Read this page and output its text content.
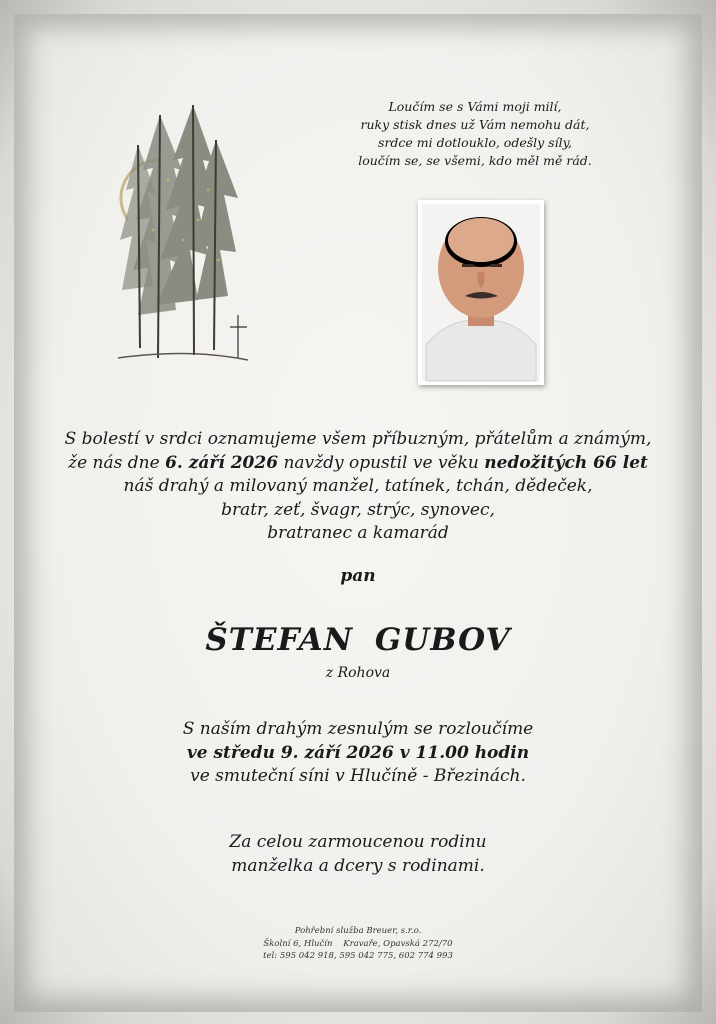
Loučím se s Vámi moji milí,
ruky stisk dnes už Vám nemohu dát,
srdce mi dotlouklo, odešly síly,
loučím se, se všemi, kdo měl mě rád.
S bolestí v srdci oznamujeme všem příbuzným, přátelům a známým,
že nás dne 6. září 2026 navždy opustil ve věku nedožitých 66 let
náš drahý a milovaný manžel, tatínek, tchán, dědeček,
bratr, zeť, švagr, strýc, synovec,
bratranec a kamarád
pan
ŠTEFAN GUBOV
z Rohova
S naším drahým zesnulým se rozloučíme
ve středu 9. září 2026 v 11.00 hodin
ve smuteční síni v Hlučíně - Březinách.
Za celou zarmoucenou rodinu
manželka a dcery s rodinami.
Pohřební služba Breuer, s.r.o.
Školní 6, Hlučín    Kravaře, Opavská 272/70
tel: 595 042 918, 595 042 775, 602 774 993
